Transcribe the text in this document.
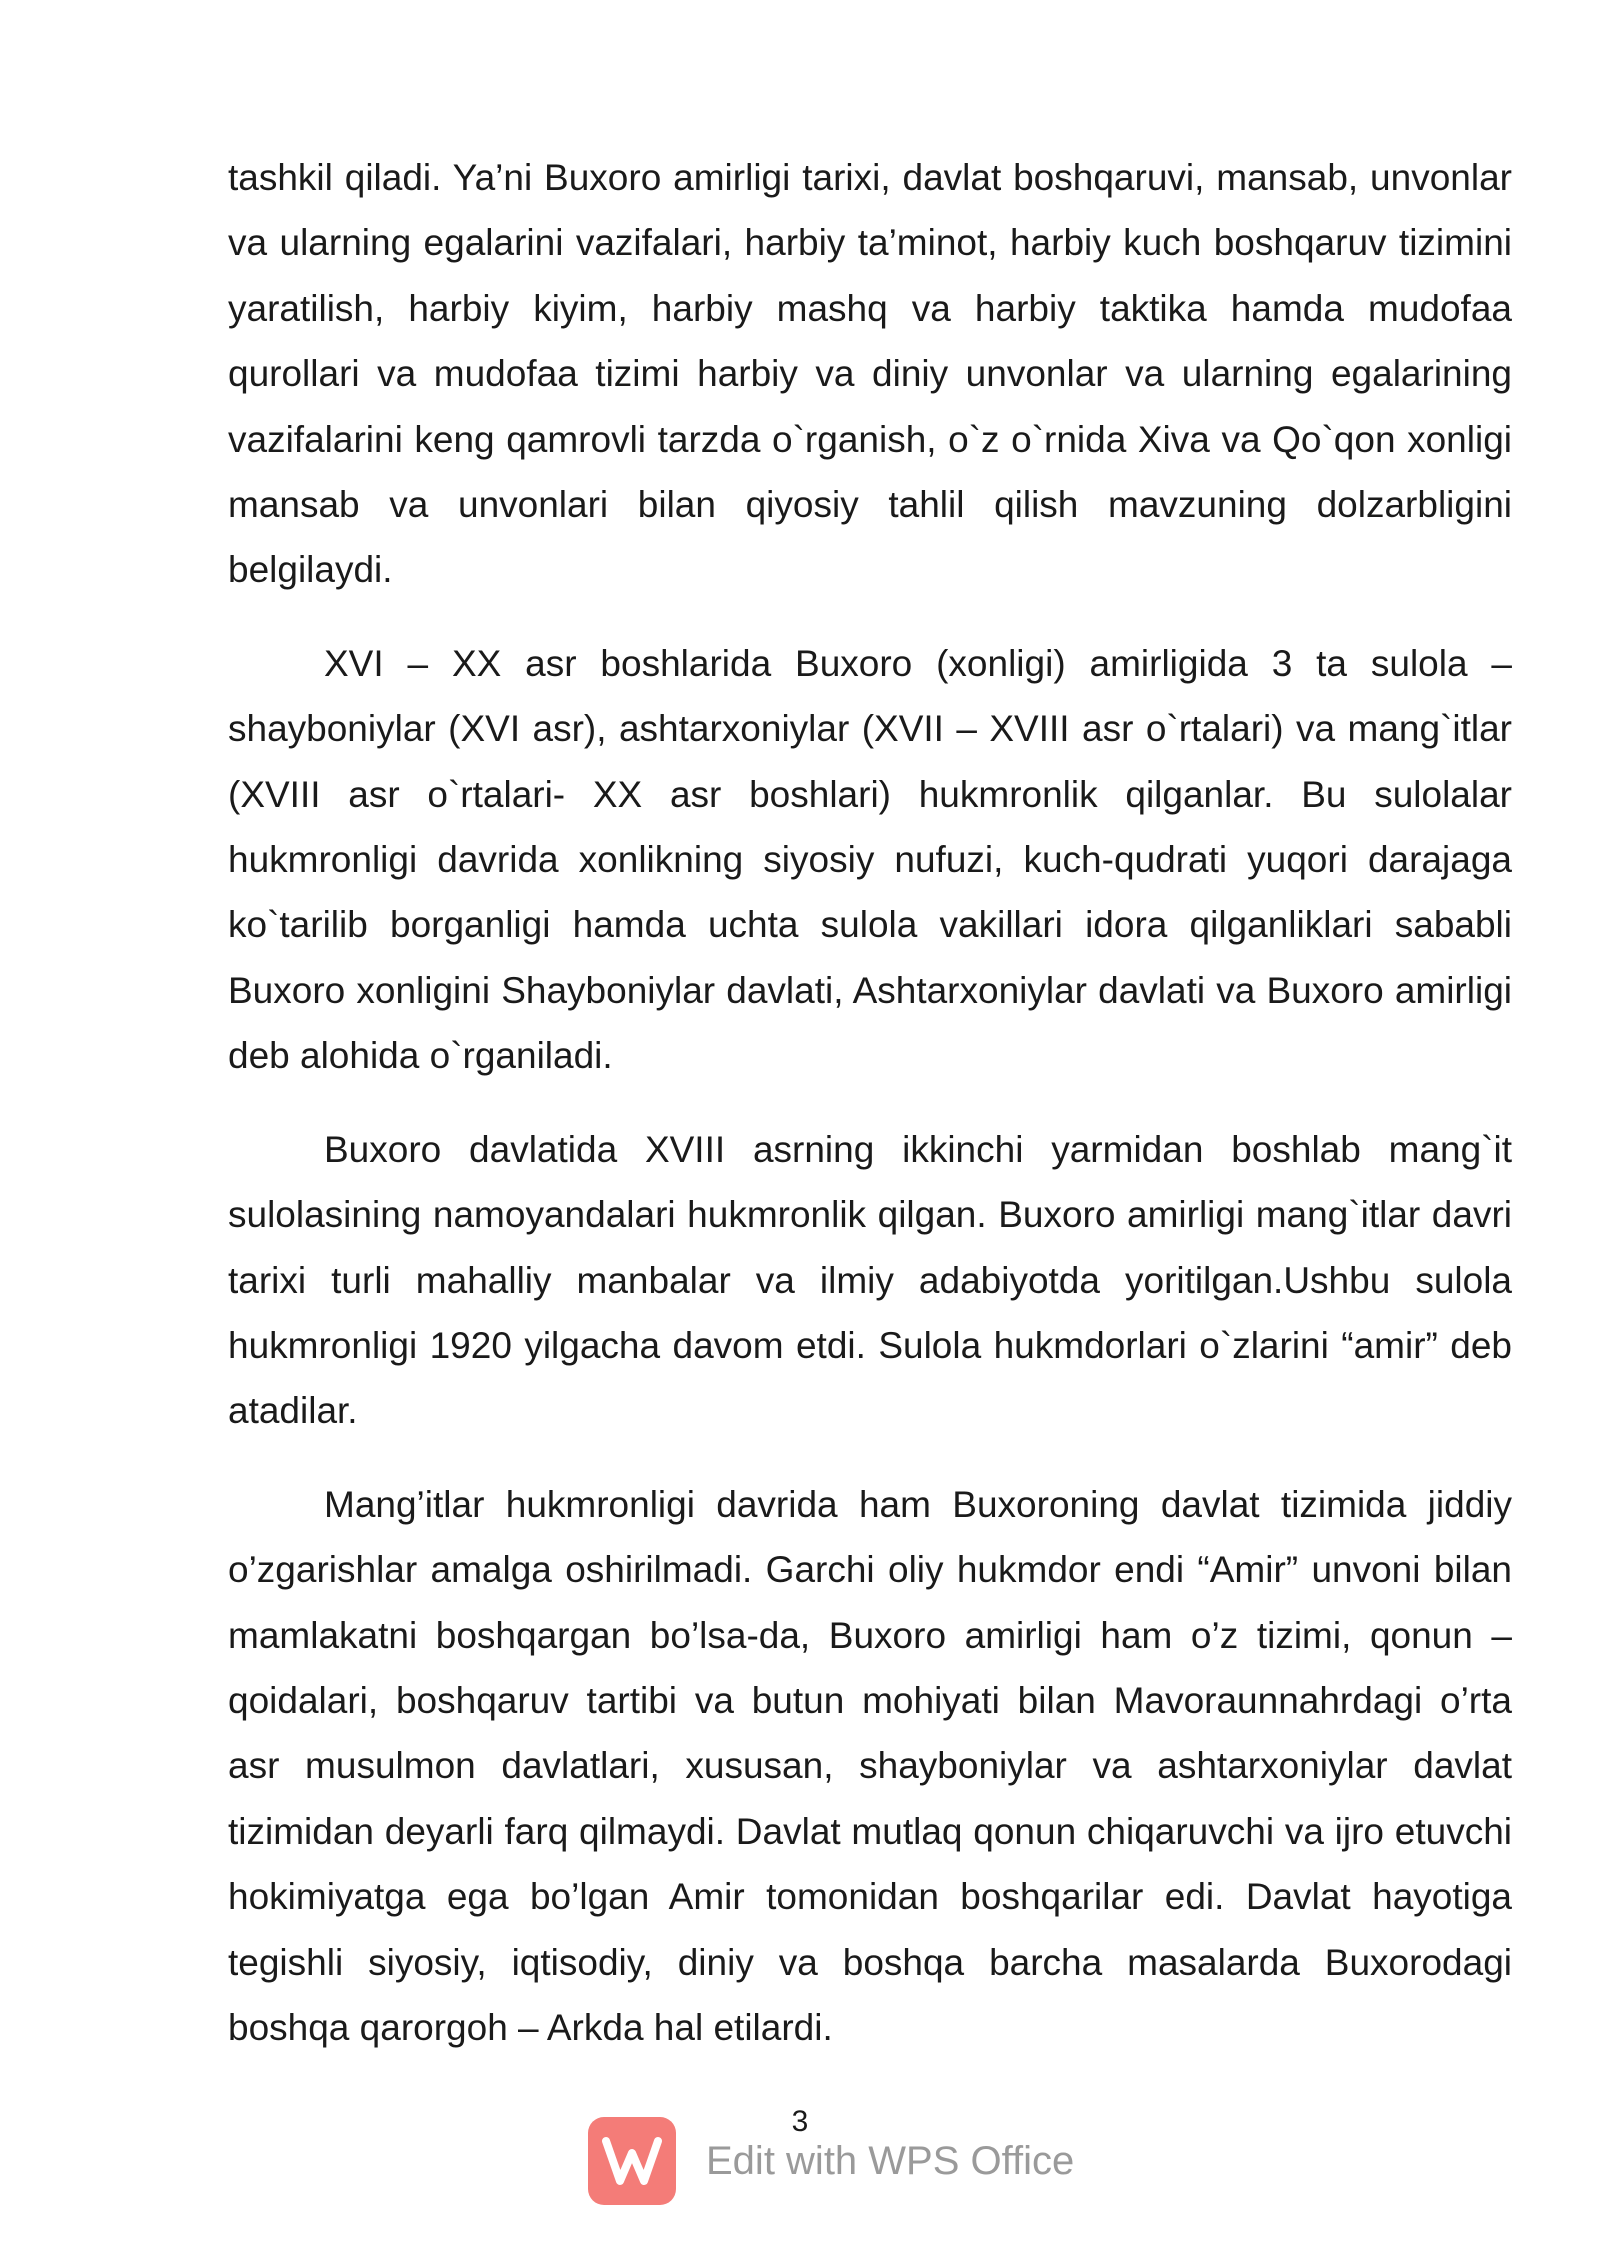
tashkil qiladi. Ya’ni Buxoro amirligi tarixi, davlat boshqaruvi, mansab, unvonlar va ularning egalarini vazifalari, harbiy ta’minot, harbiy kuch boshqaruv tizimini yaratilish, harbiy kiyim, harbiy mashq va harbiy taktika hamda mudofaa qurollari va mudofaa tizimi harbiy va diniy unvonlar va ularning egalarining vazifalarini keng qamrovli tarzda o`rganish, o`z o`rnida Xiva va Qo`qon xonligi mansab va unvonlari bilan qiyosiy tahlil qilish mavzuning dolzarbligini belgilaydi.

XVI – XX asr boshlarida Buxoro (xonligi) amirligida 3 ta sulola – shayboniylar (XVI asr), ashtarxoniylar (XVII – XVIII asr o`rtalari) va mang`itlar (XVIII asr o`rtalari- XX asr boshlari) hukmronlik qilganlar. Bu sulolalar hukmronligi davrida xonlikning siyosiy nufuzi, kuch-qudrati yuqori darajaga ko`tarilib borganligi hamda uchta sulola vakillari idora qilganliklari sababli Buxoro xonligini Shayboniylar davlati, Ashtarxoniylar davlati va Buxoro amirligi deb alohida o`rganiladi.

Buxoro davlatida XVIII asrning ikkinchi yarmidan boshlab mang`it sulolasining namoyandalari hukmronlik qilgan. Buxoro amirligi mang`itlar davri tarixi turli mahalliy manbalar va ilmiy adabiyotda yoritilgan.Ushbu sulola hukmronligi 1920 yilgacha davom etdi. Sulola hukmdorlari o`zlarini “amir” deb atadilar.

Mang’itlar hukmronligi davrida ham Buxoroning davlat tizimida jiddiy o’zgarishlar amalga oshirilmadi. Garchi oliy hukmdor endi “Amir” unvoni bilan mamlakatni boshqargan bo’lsa-da, Buxoro amirligi ham o’z tizimi, qonun – qoidalari, boshqaruv tartibi va butun mohiyati bilan Mavoraunnahrdagi o’rta asr musulmon davlatlari, xususan, shayboniylar va ashtarxoniylar davlat tizimidan deyarli farq qilmaydi. Davlat mutlaq qonun chiqaruvchi va ijro etuvchi hokimiyatga ega bo’lgan Amir tomonidan boshqarilar edi. Davlat hayotiga tegishli siyosiy, iqtisodiy, diniy va boshqa barcha masalarda Buxorodagi boshqa qarorgoh – Arkda hal etilardi.

3
Edit with WPS Office
